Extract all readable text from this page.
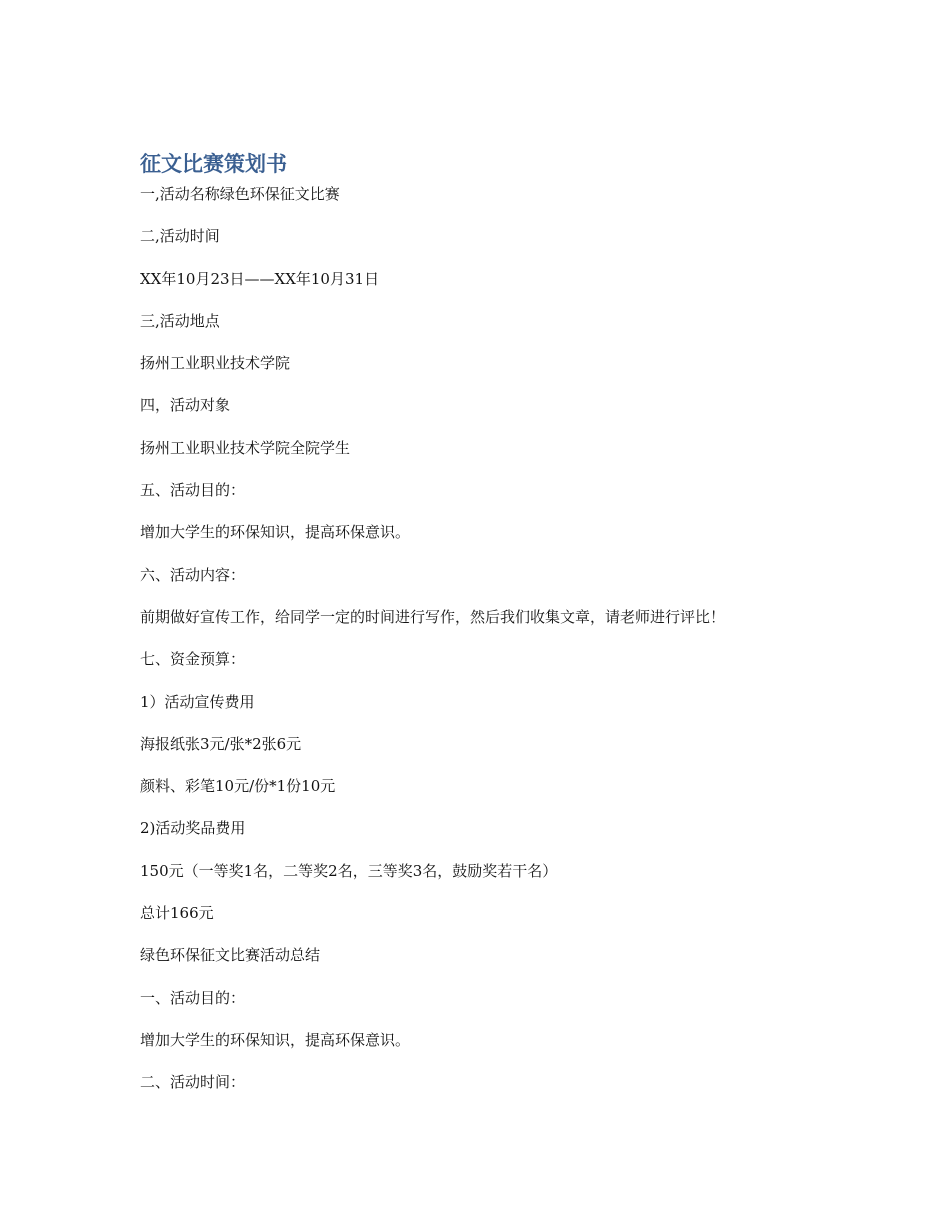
征文比赛策划书
一,活动名称绿色环保征文比赛
二,活动时间
XX年10月23日——XX年10月31日
三,活动地点
扬州工业职业技术学院
四，活动对象
扬州工业职业技术学院全院学生
五、活动目的：
增加大学生的环保知识，提高环保意识。
六、活动内容：
前期做好宣传工作，给同学一定的时间进行写作，然后我们收集文章，请老师进行评比！
七、资金预算：
1）活动宣传费用
海报纸张3元/张*2张6元
颜料、彩笔10元/份*1份10元
2)活动奖品费用
150元（一等奖1名，二等奖2名，三等奖3名，鼓励奖若干名）
总计166元
绿色环保征文比赛活动总结
一、活动目的：
增加大学生的环保知识，提高环保意识。
二、活动时间：
